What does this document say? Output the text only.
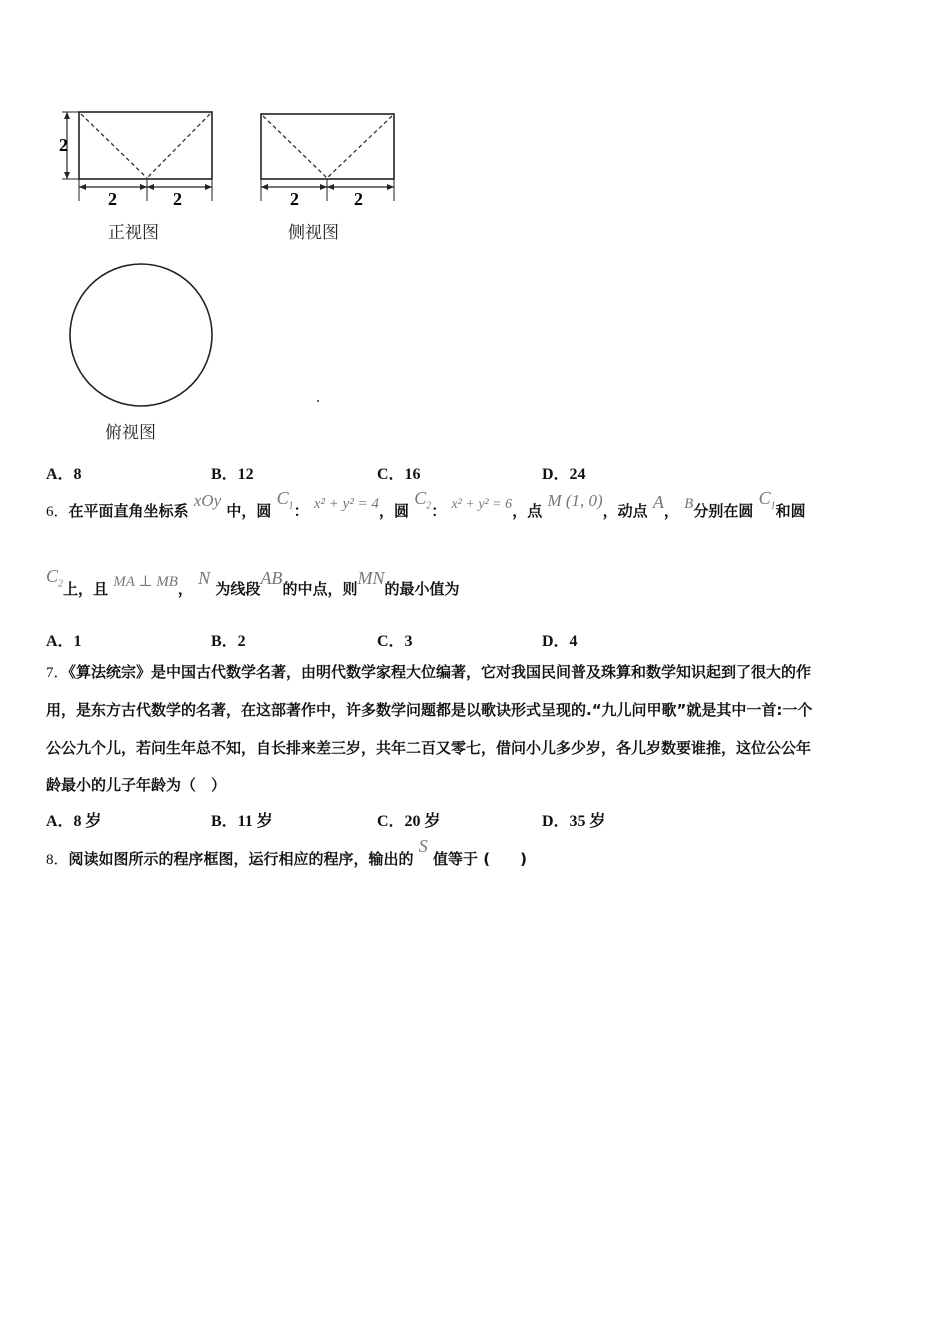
2
2	2
正视图
2	2
侧视图
俯视图
A．8	B．12	C．16	D．24
6．在平面直角坐标系 xOy 中，圆 $C_1$： x² + y² = 4，圆 $C_2$： x² + y² = 6，点 M (1, 0)，动点 A， B分别在圆 $C_1$和圆
$C_2$上，且 MA ⊥ MB， N 为线段AB的中点，则MN的最小值为
A．1	B．2	C．3	D．4
7．《算法统宗》是中国古代数学名著，由明代数学家程大位编著，它对我国民间普及珠算和数学知识起到了很大的作
用，是东方古代数学的名著，在这部著作中，许多数学问题都是以歌诀形式呈现的.“九儿问甲歌”就是其中一首:一个
公公九个儿，若问生年总不知，自长排来差三岁，共年二百又零七，借问小儿多少岁，各儿岁数要谁推，这位公公年
龄最小的儿子年龄为（　）
A．8 岁	B．11 岁	C．20 岁	D．35 岁
8．阅读如图所示的程序框图，运行相应的程序，输出的 S 值等于 (　　)
